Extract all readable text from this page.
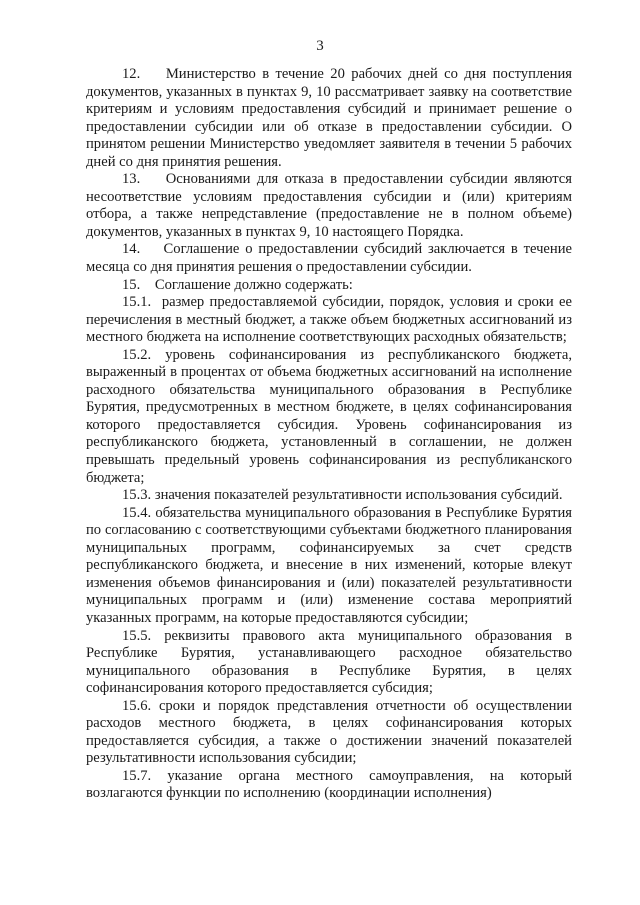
3

12.    Министерство в течение 20 рабочих дней со дня поступления документов, указанных в пунктах 9, 10 рассматривает заявку на соответствие критериям и условиям предоставления субсидий и принимает решение о предоставлении субсидии или об отказе в предоставлении субсидии. О принятом решении Министерство уведомляет заявителя в течении 5 рабочих дней со дня принятия решения.

13.    Основаниями для отказа в предоставлении субсидии являются несоответствие условиям предоставления субсидии и (или) критериям отбора, а также непредставление (предоставление не в полном объеме) документов, указанных в пунктах 9, 10 настоящего Порядка.

14.    Соглашение о предоставлении субсидий заключается в течение месяца со дня принятия решения о предоставлении субсидии.

15.    Соглашение должно содержать:

15.1.  размер предоставляемой субсидии, порядок, условия и сроки ее перечисления в местный бюджет, а также объем бюджетных ассигнований из местного бюджета на исполнение соответствующих расходных обязательств;

15.2. уровень софинансирования из республиканского бюджета, выраженный в процентах от объема бюджетных ассигнований на исполнение расходного обязательства муниципального образования в Республике Бурятия, предусмотренных в местном бюджете, в целях софинансирования которого предоставляется субсидия. Уровень софинансирования из республиканского бюджета, установленный в соглашении, не должен превышать предельный уровень софинансирования из республиканского бюджета;

15.3. значения показателей результативности использования субсидий.

15.4. обязательства муниципального образования в Республике Бурятия по согласованию с соответствующими субъектами бюджетного планирования муниципальных программ, софинансируемых за счет средств республиканского бюджета, и внесение в них изменений, которые влекут изменения объемов финансирования и (или) показателей результативности муниципальных программ и (или) изменение состава мероприятий указанных программ, на которые предоставляются субсидии;

15.5. реквизиты правового акта муниципального образования в Республике Бурятия, устанавливающего расходное обязательство муниципального образования в Республике Бурятия, в целях софинансирования которого предоставляется субсидия;

15.6. сроки и порядок представления отчетности об осуществлении расходов местного бюджета, в целях софинансирования которых предоставляется субсидия, а также о достижении значений показателей результативности использования субсидии;

15.7. указание органа местного самоуправления, на который возлагаются функции по исполнению (координации исполнения)
